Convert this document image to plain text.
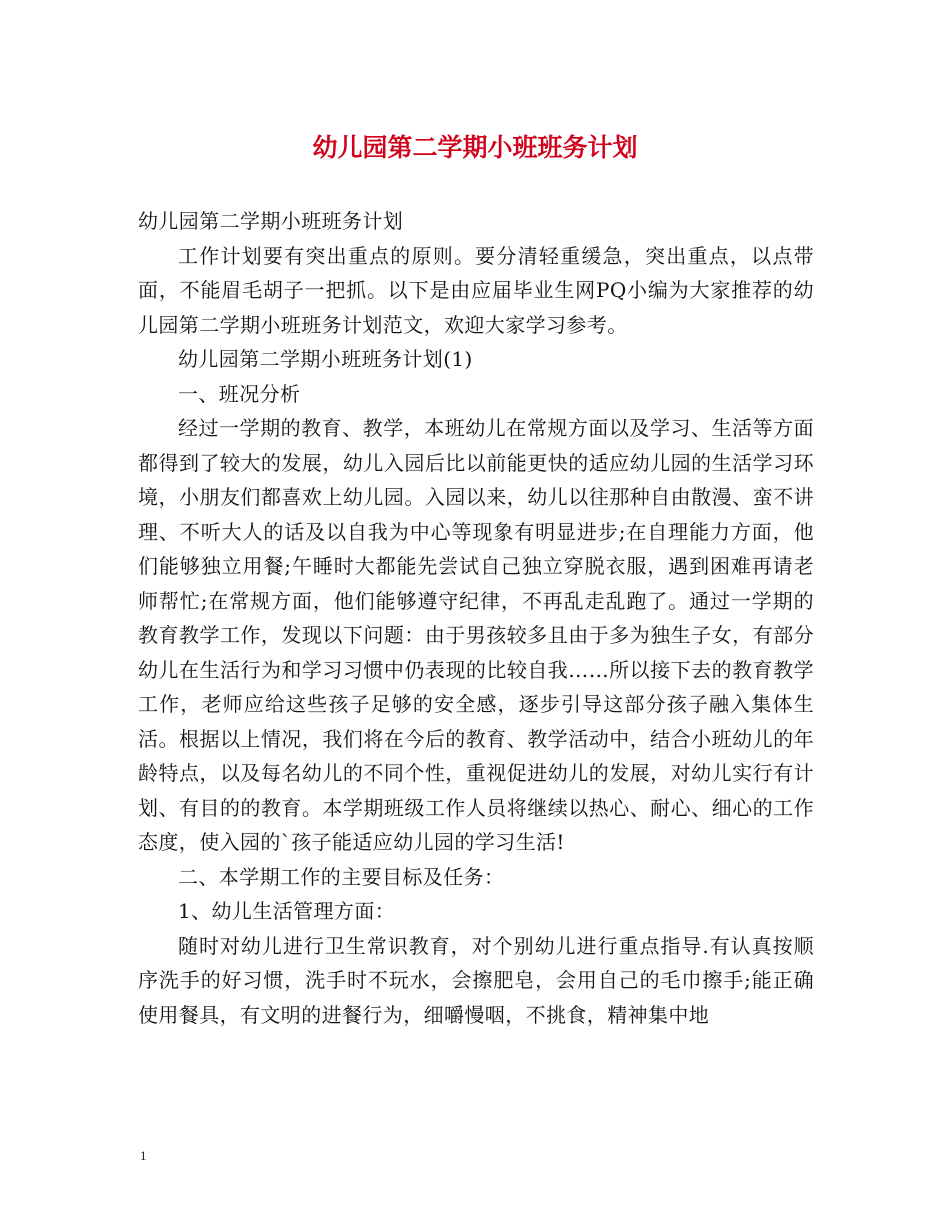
幼儿园第二学期小班班务计划

幼儿园第二学期小班班务计划

工作计划要有突出重点的原则。要分清轻重缓急，突出重点，以点带面，不能眉毛胡子一把抓。以下是由应届毕业生网PQ小编为大家推荐的幼儿园第二学期小班班务计划范文，欢迎大家学习参考。

幼儿园第二学期小班班务计划(1)

一、班况分析

经过一学期的教育、教学，本班幼儿在常规方面以及学习、生活等方面都得到了较大的发展，幼儿入园后比以前能更快的适应幼儿园的生活学习环境，小朋友们都喜欢上幼儿园。入园以来，幼儿以往那种自由散漫、蛮不讲理、不听大人的话及以自我为中心等现象有明显进步;在自理能力方面，他们能够独立用餐;午睡时大都能先尝试自己独立穿脱衣服，遇到困难再请老师帮忙;在常规方面，他们能够遵守纪律，不再乱走乱跑了。通过一学期的教育教学工作，发现以下问题：由于男孩较多且由于多为独生子女，有部分幼儿在生活行为和学习习惯中仍表现的比较自我……所以接下去的教育教学工作，老师应给这些孩子足够的安全感，逐步引导这部分孩子融入集体生活。根据以上情况，我们将在今后的教育、教学活动中，结合小班幼儿的年龄特点，以及每名幼儿的不同个性，重视促进幼儿的发展，对幼儿实行有计划、有目的的教育。本学期班级工作人员将继续以热心、耐心、细心的工作态度，使入园的`孩子能适应幼儿园的学习生活!

二、本学期工作的主要目标及任务：

1、幼儿生活管理方面：

随时对幼儿进行卫生常识教育，对个别幼儿进行重点指导.有认真按顺序洗手的好习惯，洗手时不玩水，会擦肥皂，会用自己的毛巾擦手;能正确使用餐具，有文明的进餐行为，细嚼慢咽，不挑食，精神集中地

1
